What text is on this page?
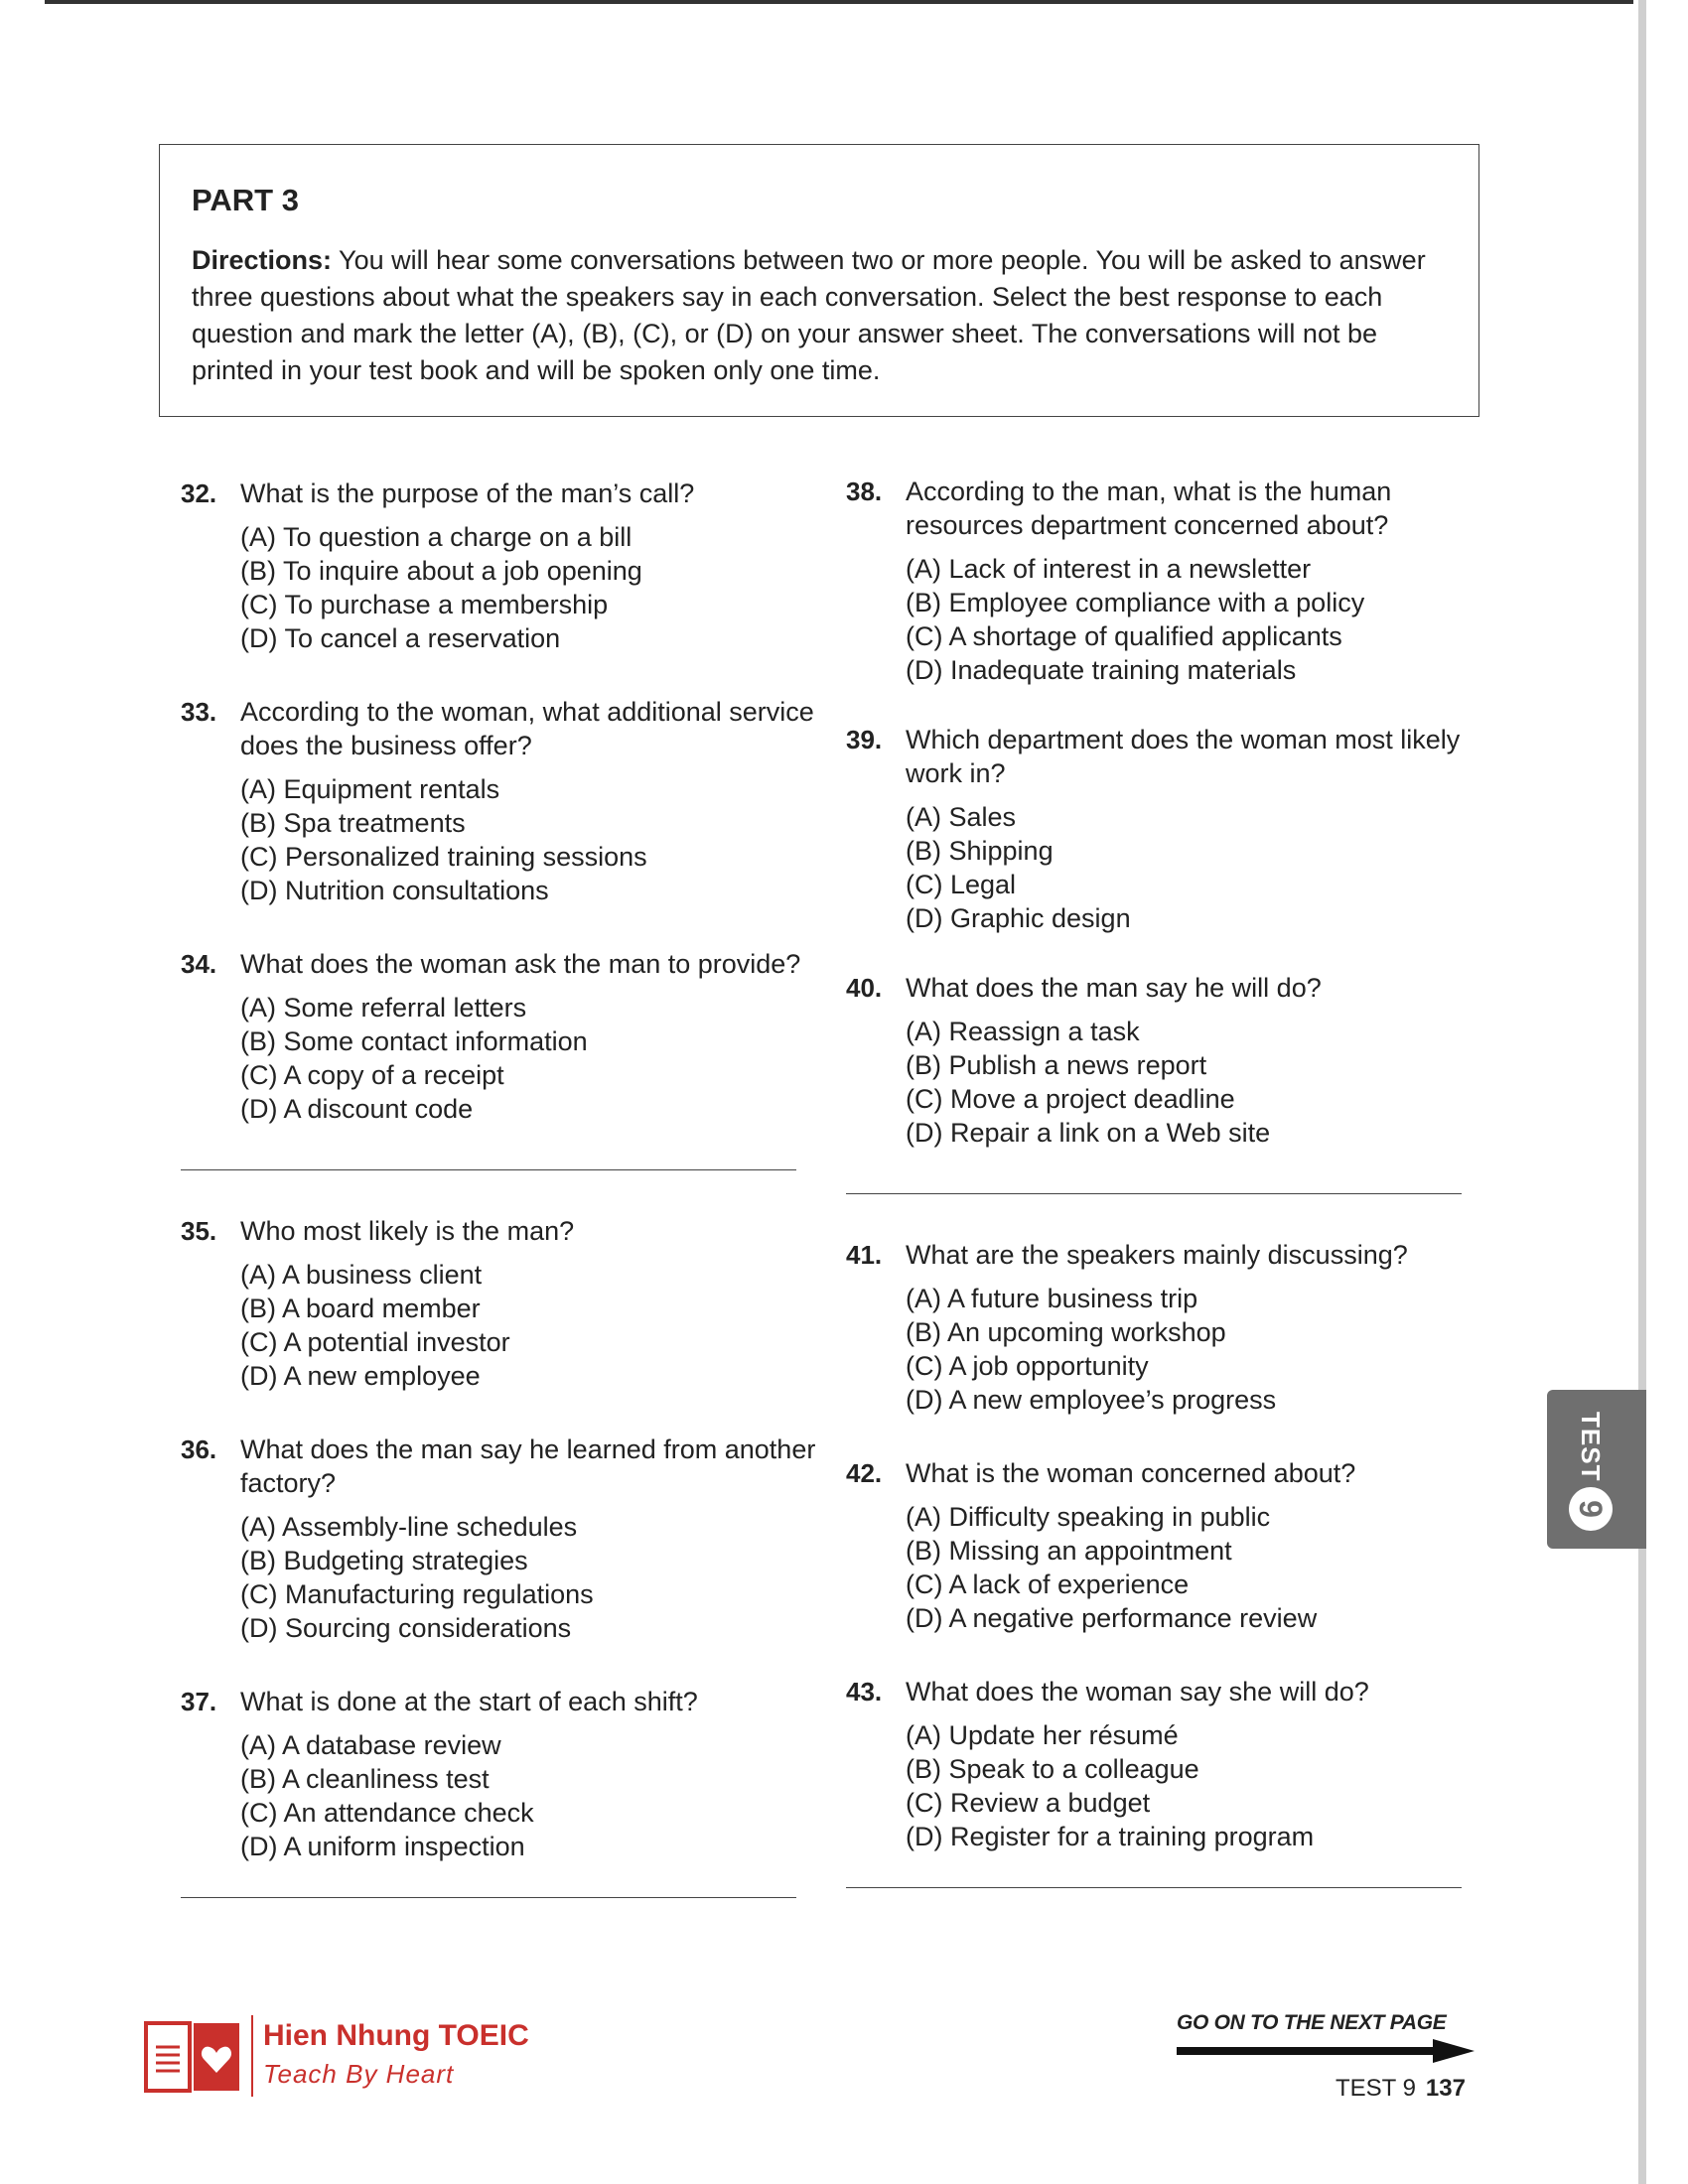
PART 3

Directions: You will hear some conversations between two or more people. You will be asked to answer three questions about what the speakers say in each conversation. Select the best response to each question and mark the letter (A), (B), (C), or (D) on your answer sheet. The conversations will not be printed in your test book and will be spoken only one time.

32. What is the purpose of the man’s call?
(A) To question a charge on a bill
(B) To inquire about a job opening
(C) To purchase a membership
(D) To cancel a reservation
33. According to the woman, what additional service does the business offer?
(A) Equipment rentals
(B) Spa treatments
(C) Personalized training sessions
(D) Nutrition consultations
34. What does the woman ask the man to provide?
(A) Some referral letters
(B) Some contact information
(C) A copy of a receipt
(D) A discount code
35. Who most likely is the man?
(A) A business client
(B) A board member
(C) A potential investor
(D) A new employee
36. What does the man say he learned from another factory?
(A) Assembly-line schedules
(B) Budgeting strategies
(C) Manufacturing regulations
(D) Sourcing considerations
37. What is done at the start of each shift?
(A) A database review
(B) A cleanliness test
(C) An attendance check
(D) A uniform inspection
38. According to the man, what is the human resources department concerned about?
(A) Lack of interest in a newsletter
(B) Employee compliance with a policy
(C) A shortage of qualified applicants
(D) Inadequate training materials
39. Which department does the woman most likely work in?
(A) Sales
(B) Shipping
(C) Legal
(D) Graphic design
40. What does the man say he will do?
(A) Reassign a task
(B) Publish a news report
(C) Move a project deadline
(D) Repair a link on a Web site
41. What are the speakers mainly discussing?
(A) A future business trip
(B) An upcoming workshop
(C) A job opportunity
(D) A new employee’s progress
42. What is the woman concerned about?
(A) Difficulty speaking in public
(B) Missing an appointment
(C) A lack of experience
(D) A negative performance review
43. What does the woman say she will do?
(A) Update her résumé
(B) Speak to a colleague
(C) Review a budget
(D) Register for a training program
TEST
9
Hien Nhung TOEIC
Teach By Heart
GO ON TO THE NEXT PAGE
TEST 9 137
